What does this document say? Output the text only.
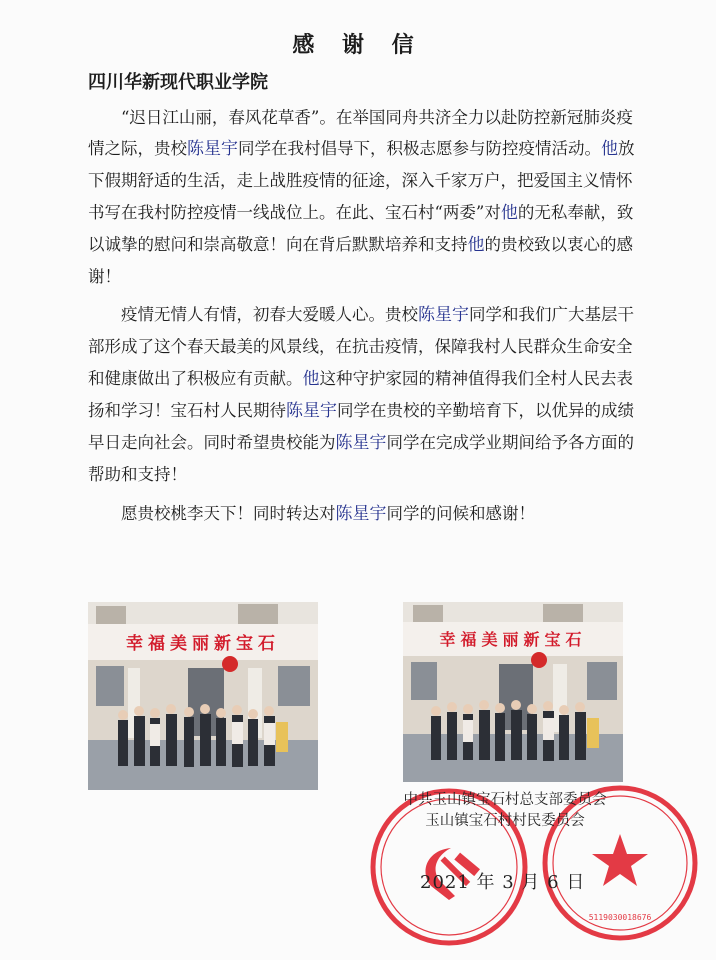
感 谢 信
四川华新现代职业学院

“迟日江山丽，春风花草香”。在举国同舟共济全力以赴防控新冠肺炎疫情之际，贵校陈星宇同学在我村倡导下，积极志愿参与防控疫情活动。他放下假期舒适的生活，走上战胜疫情的征途，深入千家万户，把爱国主义情怀书写在我村防控疫情一线战位上。在此、宝石村“两委”对他的无私奉献，致以诚挚的慰问和崇高敬意！向在背后默默培养和支持他的贵校致以衷心的感谢！

疫情无情人有情，初春大爱暖人心。贵校陈星宇同学和我们广大基层干部形成了这个春天最美的风景线，在抗击疫情，保障我村人民群众生命安全和健康做出了积极应有贡献。他这种守护家园的精神值得我们全村人民去表扬和学习！宝石村人民期待陈星宇同学在贵校的辛勤培育下，以优异的成绩早日走向社会。同时希望贵校能为陈星宇同学在完成学业期间给予各方面的帮助和支持！

愿贵校桃李天下！同时转达对陈星宇同学的问候和感谢！

幸福美丽新宝石	幸福美丽新宝石
5119030018676
中共玉山镇宝石村总支部委员会
玉山镇宝石村村民委员会
2021 年 3 月 6 日
